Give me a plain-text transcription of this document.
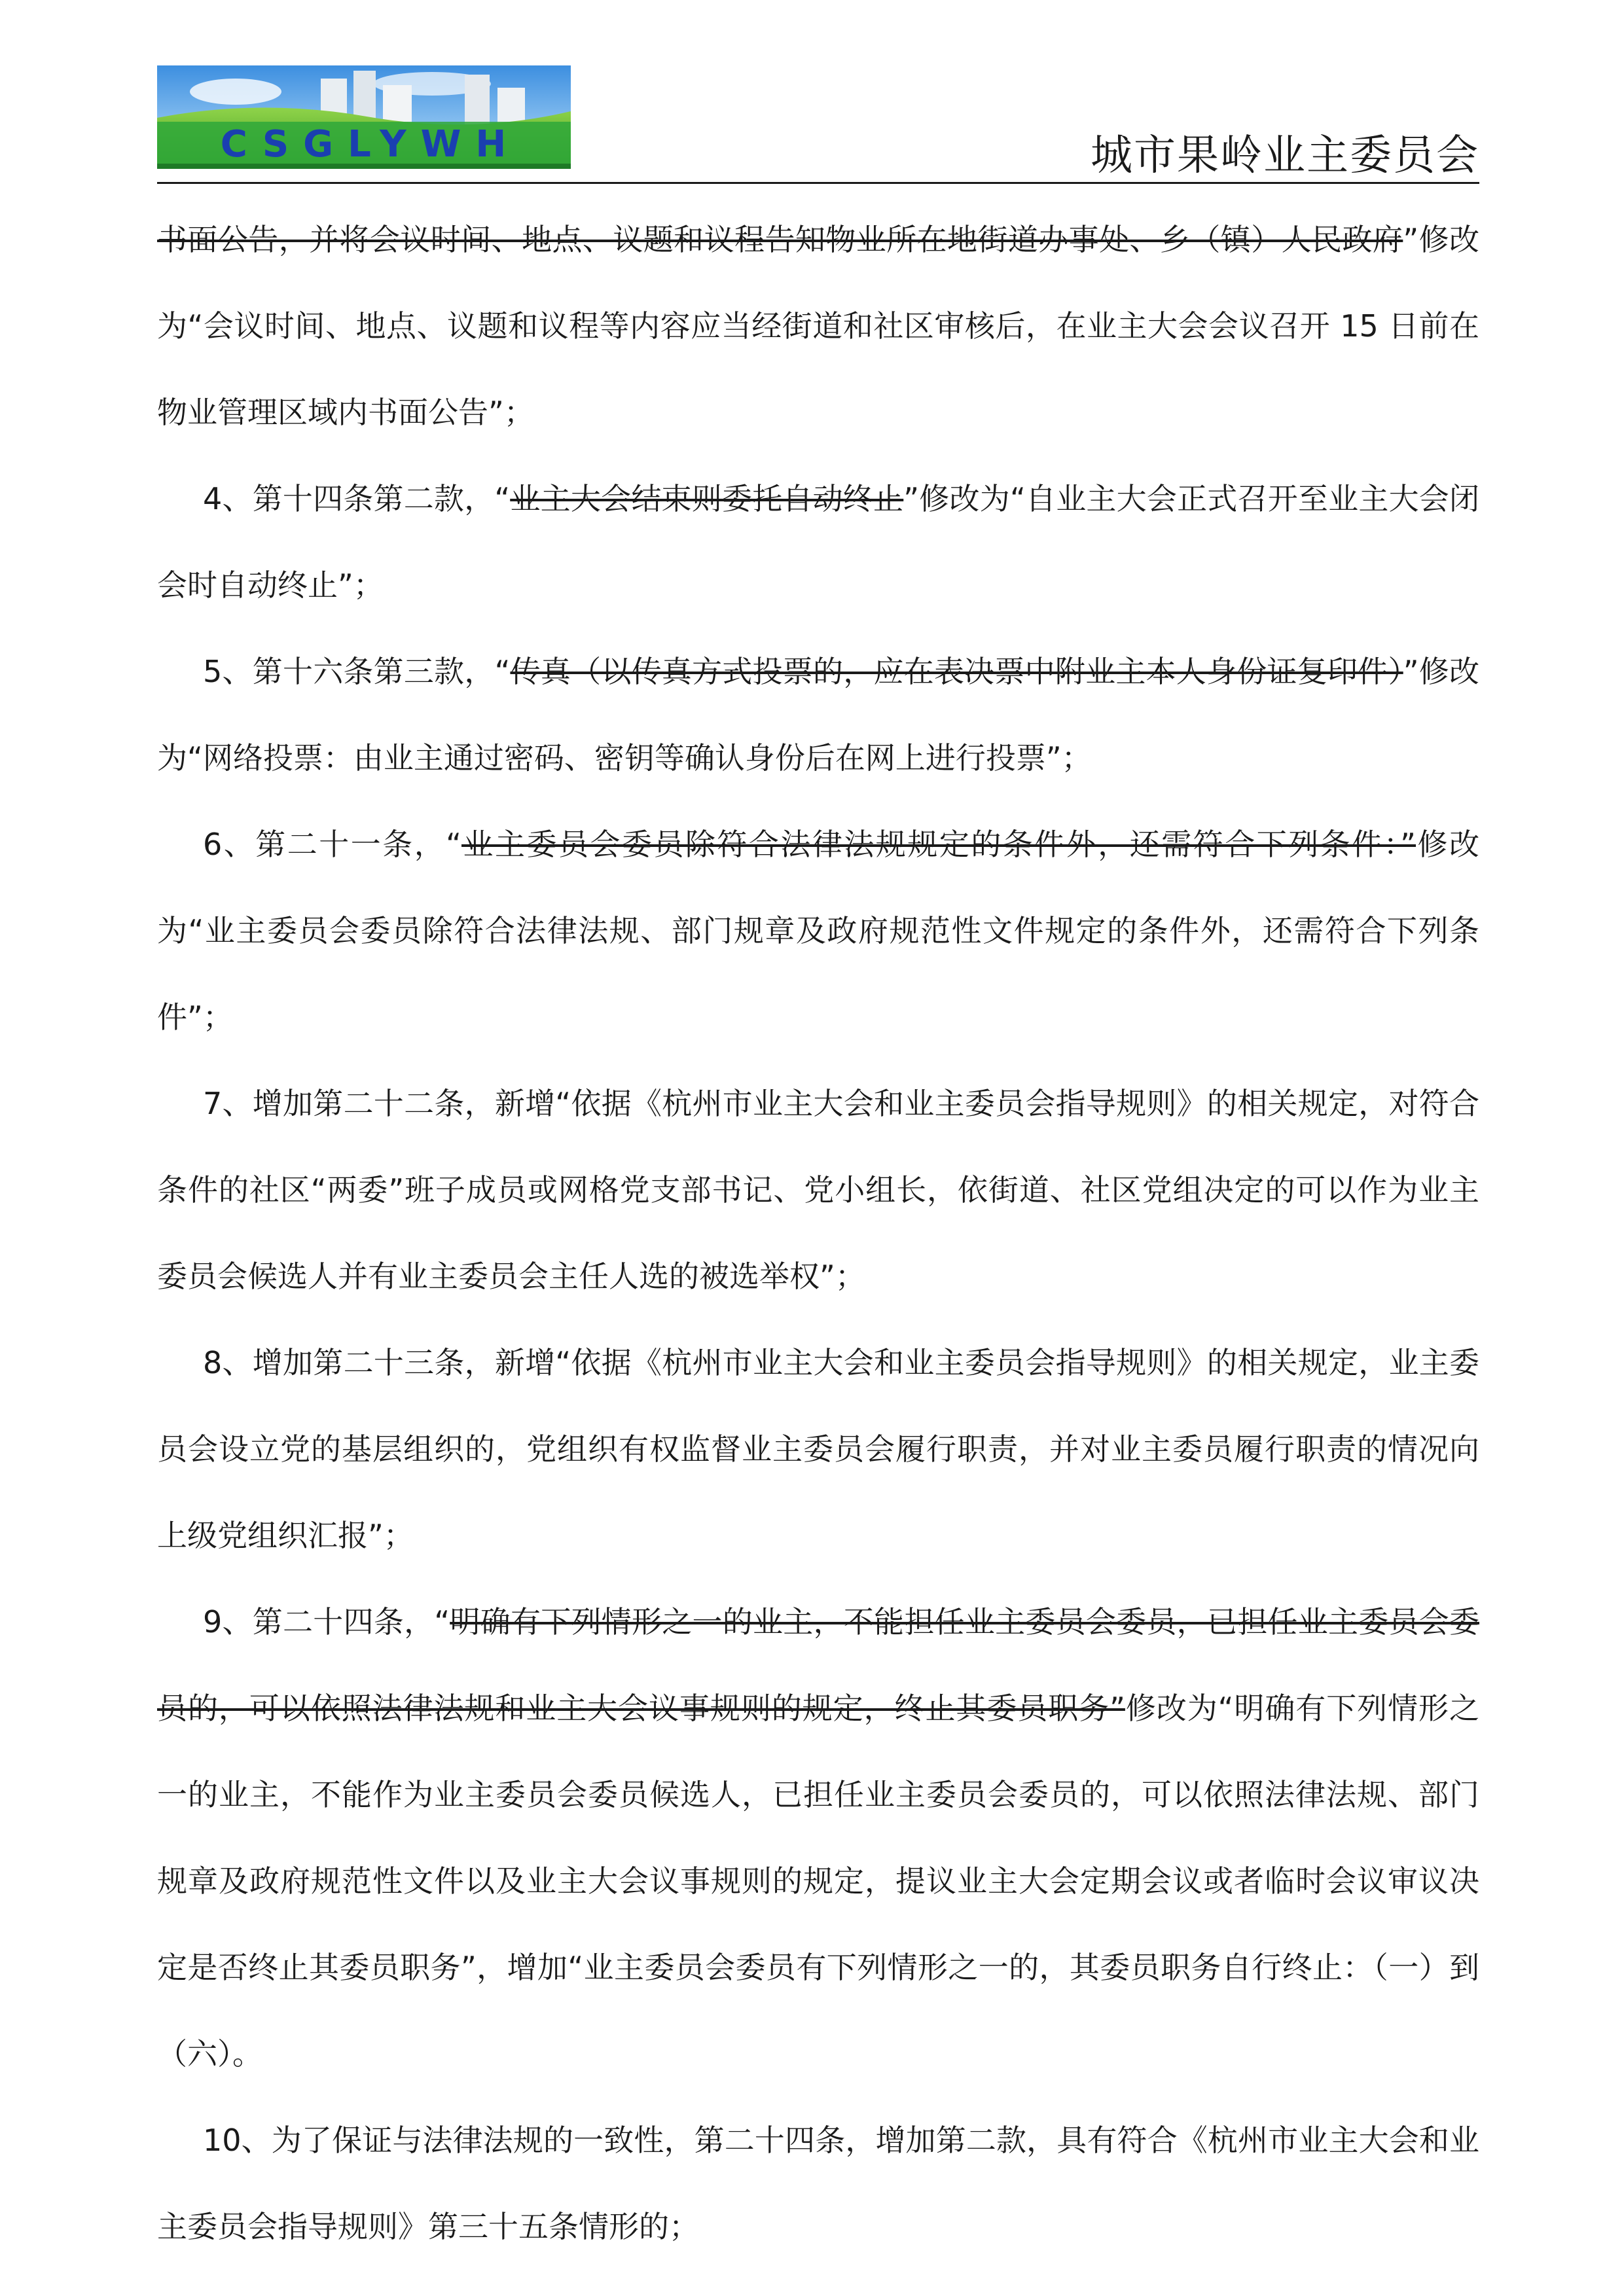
CSGLYWH	城市果岭业主委员会

书面公告，并将会议时间、地点、议题和议程告知物业所在地街道办事处、乡（镇）人民政府”修改为“会议时间、地点、议题和议程等内容应当经街道和社区审核后，在业主大会会议召开 15 日前在物业管理区域内书面公告”；

4、第十四条第二款，“业主大会结束则委托自动终止”修改为“自业主大会正式召开至业主大会闭会时自动终止”；

5、第十六条第三款，“传真（以传真方式投票的，应在表决票中附业主本人身份证复印件）”修改为“网络投票：由业主通过密码、密钥等确认身份后在网上进行投票”；

6、第二十一条，“业主委员会委员除符合法律法规规定的条件外，还需符合下列条件：”修改为“业主委员会委员除符合法律法规、部门规章及政府规范性文件规定的条件外，还需符合下列条件”；

7、增加第二十二条，新增“依据《杭州市业主大会和业主委员会指导规则》的相关规定，对符合条件的社区“两委”班子成员或网格党支部书记、党小组长，依街道、社区党组决定的可以作为业主委员会候选人并有业主委员会主任人选的被选举权”；

8、增加第二十三条，新增“依据《杭州市业主大会和业主委员会指导规则》的相关规定，业主委员会设立党的基层组织的，党组织有权监督业主委员会履行职责，并对业主委员履行职责的情况向上级党组织汇报”；

9、第二十四条，“明确有下列情形之一的业主，不能担任业主委员会委员，已担任业主委员会委员的，可以依照法律法规和业主大会议事规则的规定，终止其委员职务”修改为“明确有下列情形之一的业主，不能作为业主委员会委员候选人，已担任业主委员会委员的，可以依照法律法规、部门规章及政府规范性文件以及业主大会议事规则的规定，提议业主大会定期会议或者临时会议审议决定是否终止其委员职务”，增加“业主委员会委员有下列情形之一的，其委员职务自行终止：（一）到（六）。

10、为了保证与法律法规的一致性，第二十四条，增加第二款，具有符合《杭州市业主大会和业主委员会指导规则》第三十五条情形的；
